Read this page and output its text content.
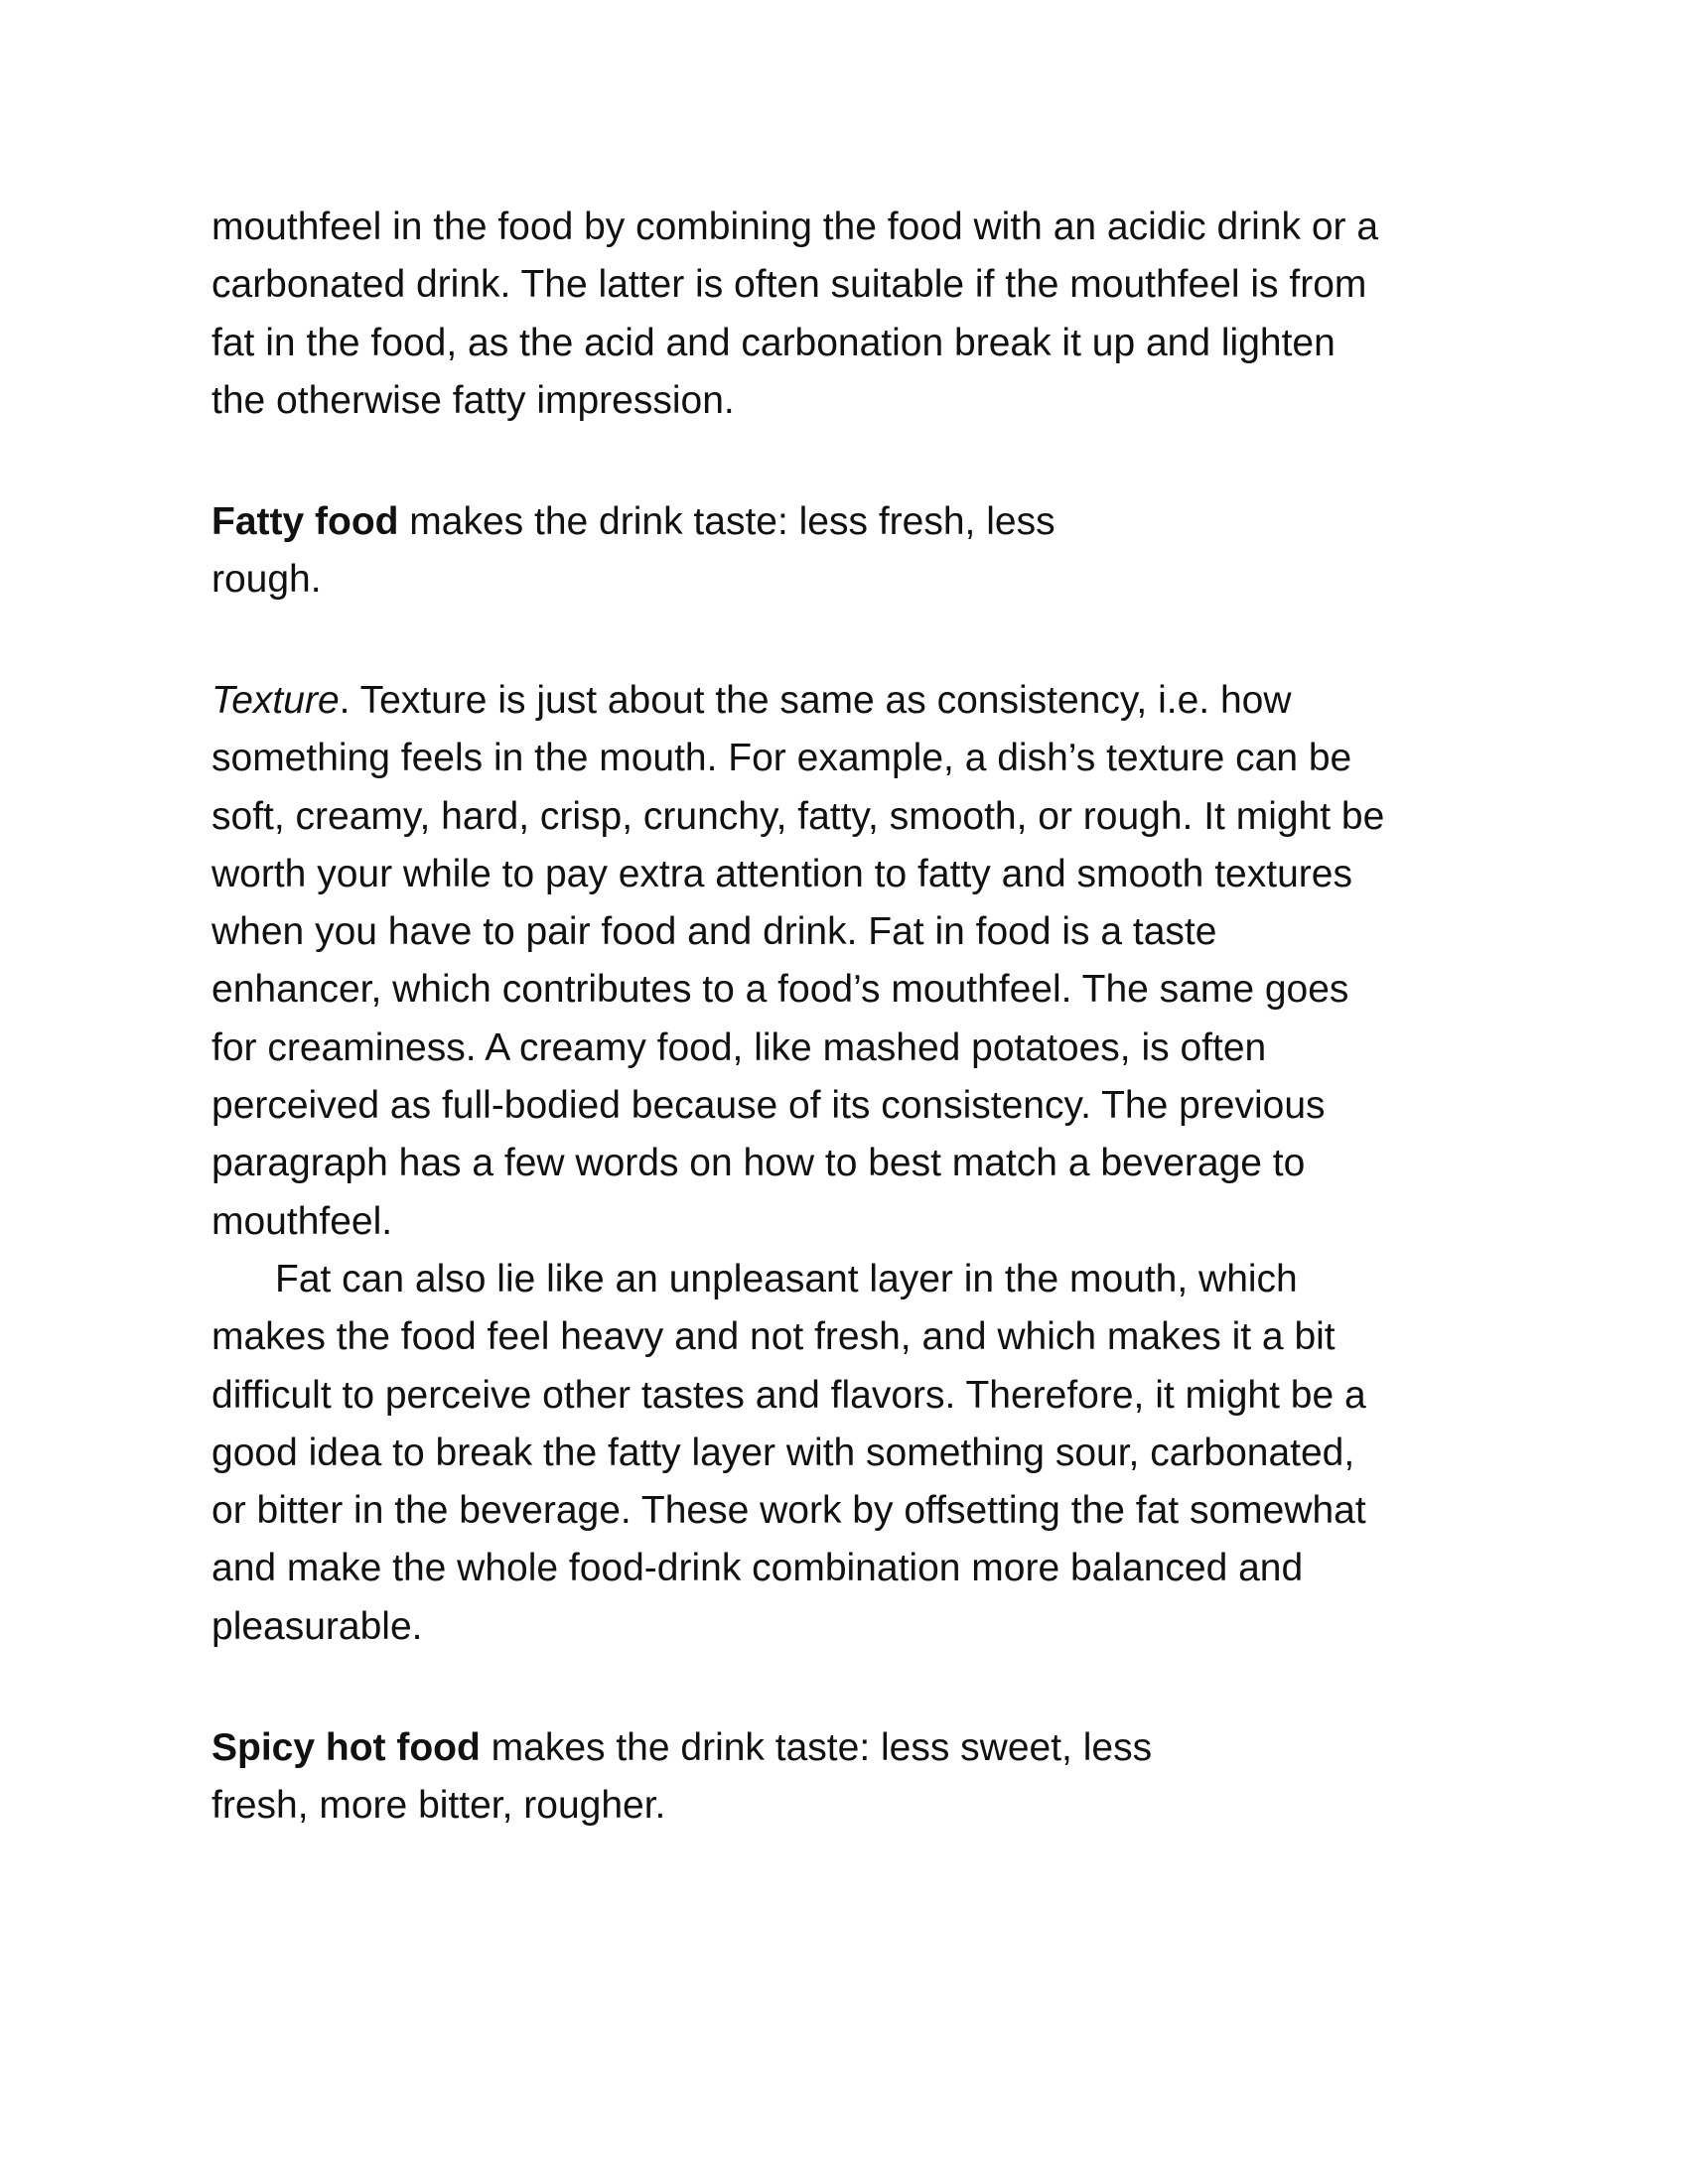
mouthfeel in the food by combining the food with an acidic drink or a
carbonated drink. The latter is often suitable if the mouthfeel is from
fat in the food, as the acid and carbonation break it up and lighten
the otherwise fatty impression.
Fatty food makes the drink taste: less fresh, less
rough.
Texture. Texture is just about the same as consistency, i.e. how
something feels in the mouth. For example, a dish’s texture can be
soft, creamy, hard, crisp, crunchy, fatty, smooth, or rough. It might be
worth your while to pay extra attention to fatty and smooth textures
when you have to pair food and drink. Fat in food is a taste
enhancer, which contributes to a food’s mouthfeel. The same goes
for creaminess. A creamy food, like mashed potatoes, is often
perceived as full-bodied because of its consistency. The previous
paragraph has a few words on how to best match a beverage to
mouthfeel.
Fat can also lie like an unpleasant layer in the mouth, which
makes the food feel heavy and not fresh, and which makes it a bit
difficult to perceive other tastes and flavors. Therefore, it might be a
good idea to break the fatty layer with something sour, carbonated,
or bitter in the beverage. These work by offsetting the fat somewhat
and make the whole food-drink combination more balanced and
pleasurable.
Spicy hot food makes the drink taste: less sweet, less
fresh, more bitter, rougher.
